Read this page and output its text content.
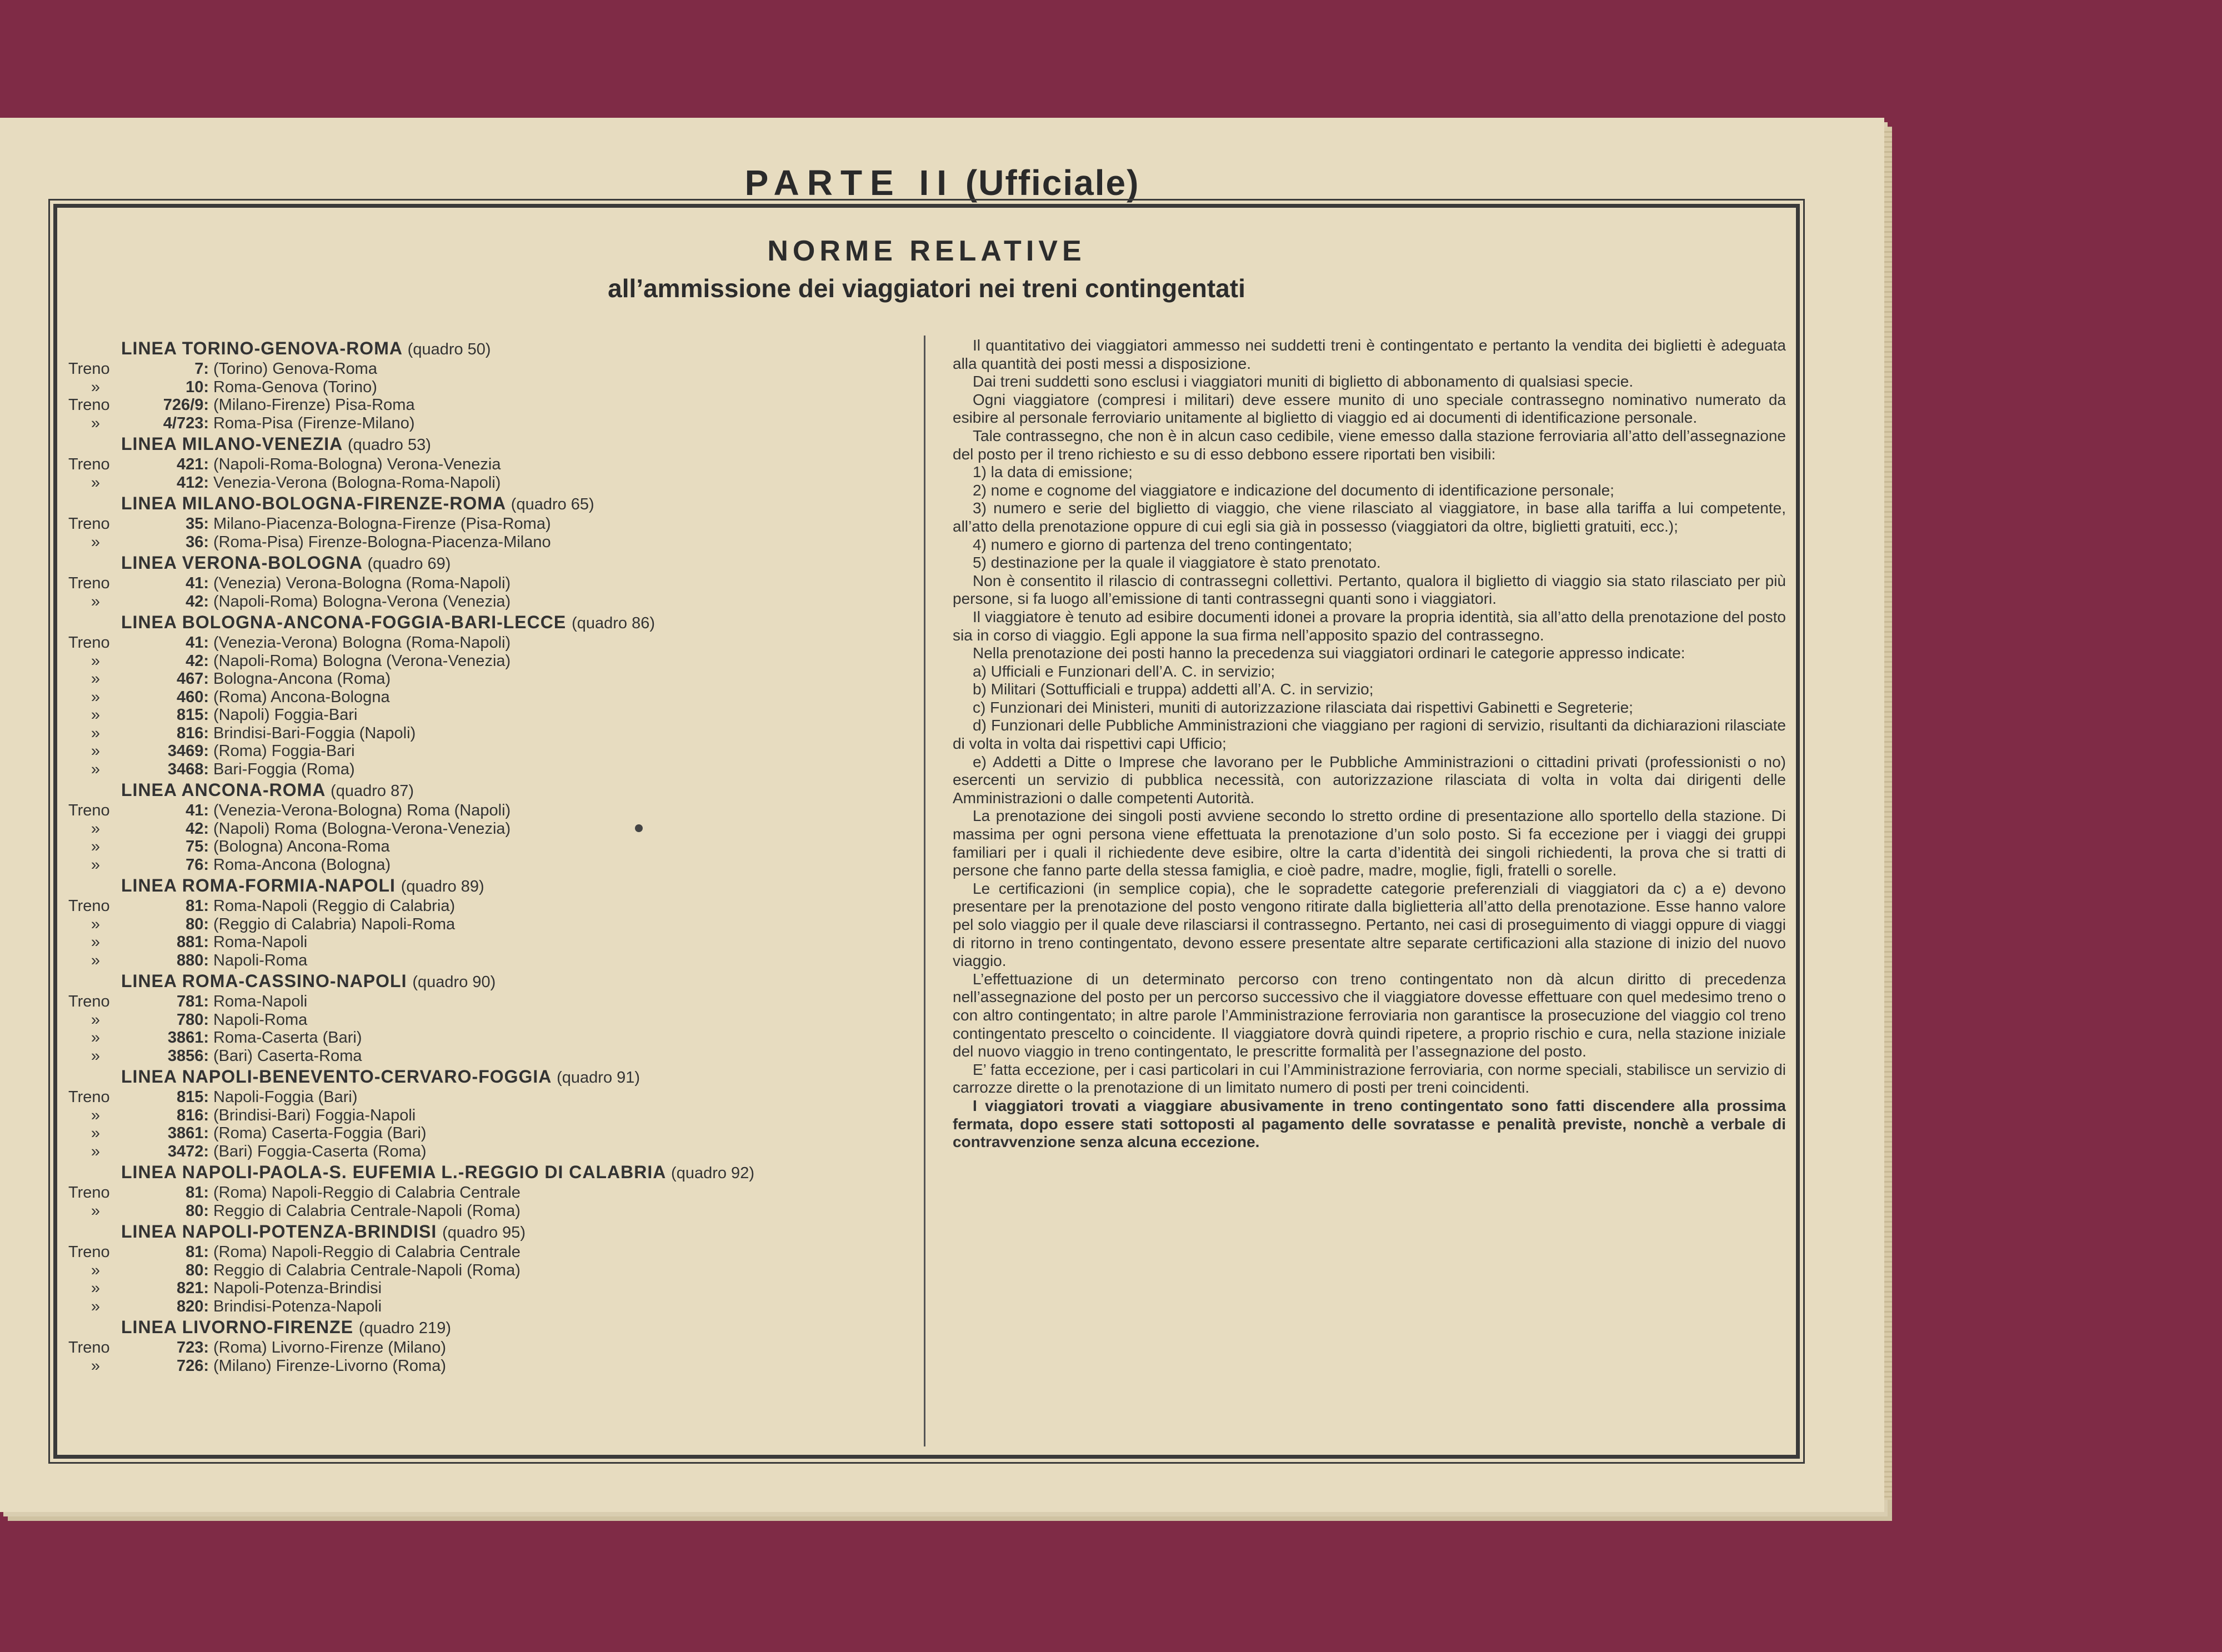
PARTE II (Ufficiale)
NORME RELATIVE
all’ammissione dei viaggiatori nei treni contingentati
LINEA TORINO-GENOVA-ROMA (quadro 50)
Treno	7: (Torino) Genova-Roma
»	10: Roma-Genova (Torino)
Treno	726/9: (Milano-Firenze) Pisa-Roma
»	4/723: Roma-Pisa (Firenze-Milano)
LINEA MILANO-VENEZIA (quadro 53)
Treno	421: (Napoli-Roma-Bologna) Verona-Venezia
»	412: Venezia-Verona (Bologna-Roma-Napoli)
LINEA MILANO-BOLOGNA-FIRENZE-ROMA (quadro 65)
Treno	35: Milano-Piacenza-Bologna-Firenze (Pisa-Roma)
»	36: (Roma-Pisa) Firenze-Bologna-Piacenza-Milano
LINEA VERONA-BOLOGNA (quadro 69)
Treno	41: (Venezia) Verona-Bologna (Roma-Napoli)
»	42: (Napoli-Roma) Bologna-Verona (Venezia)
LINEA BOLOGNA-ANCONA-FOGGIA-BARI-LECCE (quadro 86)
Treno	41: (Venezia-Verona) Bologna (Roma-Napoli)
»	42: (Napoli-Roma) Bologna (Verona-Venezia)
»	467: Bologna-Ancona (Roma)
»	460: (Roma) Ancona-Bologna
»	815: (Napoli) Foggia-Bari
»	816: Brindisi-Bari-Foggia (Napoli)
»	3469: (Roma) Foggia-Bari
»	3468: Bari-Foggia (Roma)
LINEA ANCONA-ROMA (quadro 87)
Treno	41: (Venezia-Verona-Bologna) Roma (Napoli)
»	42: (Napoli) Roma (Bologna-Verona-Venezia)
»	75: (Bologna) Ancona-Roma
»	76: Roma-Ancona (Bologna)
LINEA ROMA-FORMIA-NAPOLI (quadro 89)
Treno	81: Roma-Napoli (Reggio di Calabria)
»	80: (Reggio di Calabria) Napoli-Roma
»	881: Roma-Napoli
»	880: Napoli-Roma
LINEA ROMA-CASSINO-NAPOLI (quadro 90)
Treno	781: Roma-Napoli
»	780: Napoli-Roma
»	3861: Roma-Caserta (Bari)
»	3856: (Bari) Caserta-Roma
LINEA NAPOLI-BENEVENTO-CERVARO-FOGGIA (quadro 91)
Treno	815: Napoli-Foggia (Bari)
»	816: (Brindisi-Bari) Foggia-Napoli
»	3861: (Roma) Caserta-Foggia (Bari)
»	3472: (Bari) Foggia-Caserta (Roma)
LINEA NAPOLI-PAOLA-S. EUFEMIA L.-REGGIO DI CALABRIA (quadro 92)
Treno	81: (Roma) Napoli-Reggio di Calabria Centrale
»	80: Reggio di Calabria Centrale-Napoli (Roma)
LINEA NAPOLI-POTENZA-BRINDISI (quadro 95)
Treno	81: (Roma) Napoli-Reggio di Calabria Centrale
»	80: Reggio di Calabria Centrale-Napoli (Roma)
»	821: Napoli-Potenza-Brindisi
»	820: Brindisi-Potenza-Napoli
LINEA LIVORNO-FIRENZE (quadro 219)
Treno	723: (Roma) Livorno-Firenze (Milano)
»	726: (Milano) Firenze-Livorno (Roma)

Il quantitativo dei viaggiatori ammesso nei suddetti treni è contingentato e pertanto la vendita dei biglietti è adeguata alla quantità dei posti messi a disposizione.

Dai treni suddetti sono esclusi i viaggiatori muniti di biglietto di abbonamento di qualsiasi specie.

Ogni viaggiatore (compresi i militari) deve essere munito di uno speciale contrassegno nominativo numerato da esibire al personale ferroviario unitamente al biglietto di viaggio ed ai documenti di identificazione personale.

Tale contrassegno, che non è in alcun caso cedibile, viene emesso dalla stazione ferroviaria all’atto dell’assegnazione del posto per il treno richiesto e su di esso debbono essere riportati ben visibili:

1) la data di emissione;

2) nome e cognome del viaggiatore e indicazione del documento di identificazione personale;

3) numero e serie del biglietto di viaggio, che viene rilasciato al viaggiatore, in base alla tariffa a lui competente, all’atto della prenotazione oppure di cui egli sia già in possesso (viaggiatori da oltre, biglietti gratuiti, ecc.);

4) numero e giorno di partenza del treno contingentato;

5) destinazione per la quale il viaggiatore è stato prenotato.

Non è consentito il rilascio di contrassegni collettivi. Pertanto, qualora il biglietto di viaggio sia stato rilasciato per più persone, si fa luogo all’emissione di tanti contrassegni quanti sono i viaggiatori.

Il viaggiatore è tenuto ad esibire documenti idonei a provare la propria identità, sia all’atto della prenotazione del posto sia in corso di viaggio. Egli appone la sua firma nell’apposito spazio del contrassegno.

Nella prenotazione dei posti hanno la precedenza sui viaggiatori ordinari le categorie appresso indicate:

a) Ufficiali e Funzionari dell’A. C. in servizio;

b) Militari (Sottufficiali e truppa) addetti all’A. C. in servizio;

c) Funzionari dei Ministeri, muniti di autorizzazione rilasciata dai rispettivi Gabinetti e Segreterie;

d) Funzionari delle Pubbliche Amministrazioni che viaggiano per ragioni di servizio, risultanti da dichiarazioni rilasciate di volta in volta dai rispettivi capi Ufficio;

e) Addetti a Ditte o Imprese che lavorano per le Pubbliche Amministrazioni o cittadini privati (professionisti o no) esercenti un servizio di pubblica necessità, con autorizzazione rilasciata di volta in volta dai dirigenti delle Amministrazioni o dalle competenti Autorità.

La prenotazione dei singoli posti avviene secondo lo stretto ordine di presentazione allo sportello della stazione. Di massima per ogni persona viene effettuata la prenotazione d’un solo posto. Si fa eccezione per i viaggi dei gruppi familiari per i quali il richiedente deve esibire, oltre la carta d’identità dei singoli richiedenti, la prova che si tratti di persone che fanno parte della stessa famiglia, e cioè padre, madre, moglie, figli, fratelli o sorelle.

Le certificazioni (in semplice copia), che le sopradette categorie preferenziali di viaggiatori da c) a e) devono presentare per la prenotazione del posto vengono ritirate dalla biglietteria all’atto della prenotazione. Esse hanno valore pel solo viaggio per il quale deve rilasciarsi il contrassegno. Pertanto, nei casi di proseguimento di viaggi oppure di viaggi di ritorno in treno contingentato, devono essere presentate altre separate certificazioni alla stazione di inizio del nuovo viaggio.

L’effettuazione di un determinato percorso con treno contingentato non dà alcun diritto di precedenza nell’assegnazione del posto per un percorso successivo che il viaggiatore dovesse effettuare con quel medesimo treno o con altro contingentato; in altre parole l’Amministrazione ferroviaria non garantisce la prosecuzione del viaggio col treno contingentato prescelto o coincidente. Il viaggiatore dovrà quindi ripetere, a proprio rischio e cura, nella stazione iniziale del nuovo viaggio in treno contingentato, le prescritte formalità per l’assegnazione del posto.

E’ fatta eccezione, per i casi particolari in cui l’Amministrazione ferroviaria, con norme speciali, stabilisce un servizio di carrozze dirette o la prenotazione di un limitato numero di posti per treni coincidenti.

I viaggiatori trovati a viaggiare abusivamente in treno contingentato sono fatti discendere alla prossima fermata, dopo essere stati sottoposti al pagamento delle sovratasse e penalità previste, nonchè a verbale di contravvenzione senza alcuna eccezione.
